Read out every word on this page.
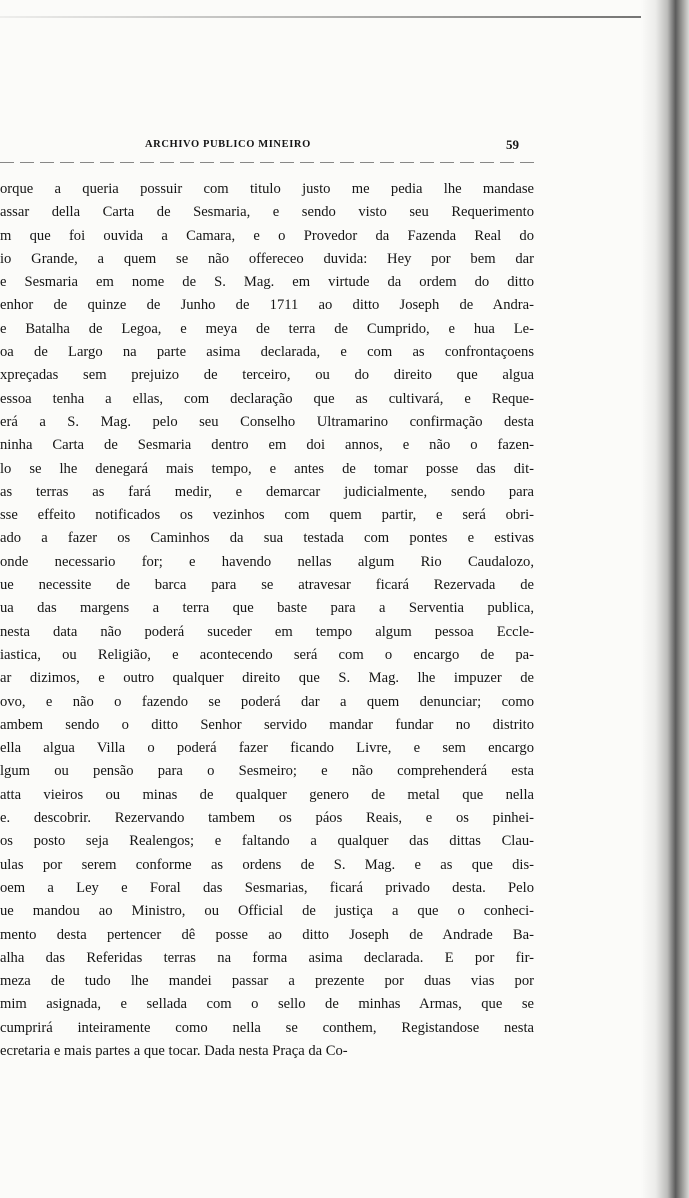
ARCHIVO PUBLICO MINEIRO	59
orque a queria possuir com titulo justo me pedia lhe mandase
assar della Carta de Sesmaria, e sendo visto seu Requerimento
m que foi ouvida a Camara, e o Provedor da Fazenda Real do
io Grande, a quem se não offereceo duvida: Hey por bem dar
e Sesmaria em nome de S. Mag. em virtude da ordem do ditto
enhor de quinze de Junho de 1711 ao ditto Joseph de Andra-
e Batalha de Legoa, e meya de terra de Cumprido, e hua Le-
oa de Largo na parte asima declarada, e com as confrontaçoens
xpreçadas sem prejuizo de terceiro, ou do direito que algua
essoa tenha a ellas, com declaração que as cultivará, e Reque-
erá a S. Mag. pelo seu Conselho Ultramarino confirmação desta
ninha Carta de Sesmaria dentro em doi annos, e não o fazen-
lo se lhe denegará mais tempo, e antes de tomar posse das dit-
as terras as fará medir, e demarcar judicialmente, sendo para
sse effeito notificados os vezinhos com quem partir, e será obri-
ado a fazer os Caminhos da sua testada com pontes e estivas
onde necessario for; e havendo nellas algum Rio Caudalozo,
ue necessite de barca para se atravesar ficará Rezervada de
ua das margens a terra que baste para a Serventia publica,
nesta data não poderá suceder em tempo algum pessoa Eccle-
iastica, ou Religião, e acontecendo será com o encargo de pa-
ar dizimos, e outro qualquer direito que S. Mag. lhe impuzer de
ovo, e não o fazendo se poderá dar a quem denunciar; como
ambem sendo o ditto Senhor servido mandar fundar no distrito
ella algua Villa o poderá fazer ficando Livre, e sem encargo
lgum ou pensão para o Sesmeiro; e não comprehenderá esta
atta vieiros ou minas de qualquer genero de metal que nella
e. descobrir. Rezervando tambem os páos Reais, e os pinhei-
os posto seja Realengos; e faltando a qualquer das dittas Clau-
ulas por serem conforme as ordens de S. Mag. e as que dis-
oem a Ley e Foral das Sesmarias, ficará privado desta. Pelo
ue mandou ao Ministro, ou Official de justiça a que o conheci-
mento desta pertencer dê posse ao ditto Joseph de Andrade Ba-
alha das Referidas terras na forma asima declarada. E por fir-
meza de tudo lhe mandei passar a prezente por duas vias por
mim asignada, e sellada com o sello de minhas Armas, que se
cumprirá inteiramente como nella se conthem, Registandose nesta
ecretaria e mais partes a que tocar. Dada nesta Praça da Co-
